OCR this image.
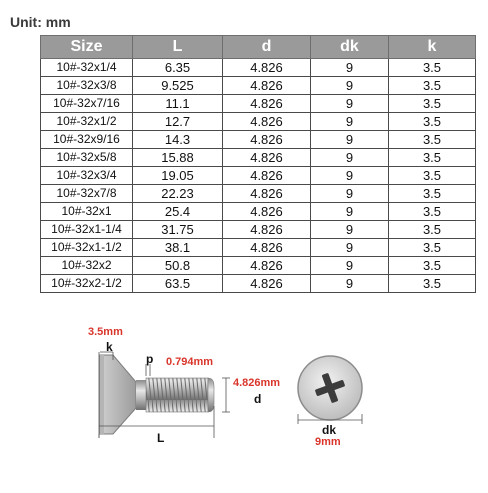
Unit: mm
Size	L	d	dk	k
10#-32x1/4	6.35	4.826	9	3.5
10#-32x3/8	9.525	4.826	9	3.5
10#-32x7/16	11.1	4.826	9	3.5
10#-32x1/2	12.7	4.826	9	3.5
10#-32x9/16	14.3	4.826	9	3.5
10#-32x5/8	15.88	4.826	9	3.5
10#-32x3/4	19.05	4.826	9	3.5
10#-32x7/8	22.23	4.826	9	3.5
10#-32x1	25.4	4.826	9	3.5
10#-32x1-1/4	31.75	4.826	9	3.5
10#-32x1-1/2	38.1	4.826	9	3.5
10#-32x2	50.8	4.826	9	3.5
10#-32x2-1/2	63.5	4.826	9	3.5
3.5mm
k
p 0.794mm
4.826mm
d
L
dk
9mm
